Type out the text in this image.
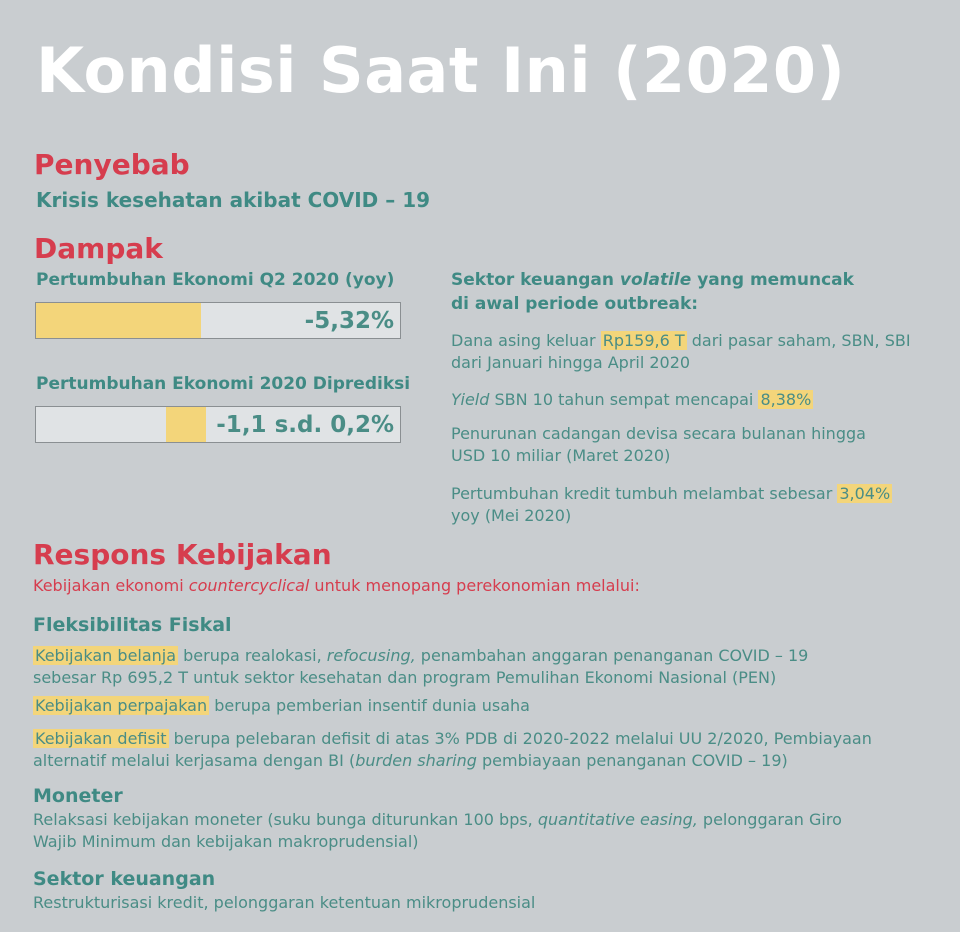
Kondisi Saat Ini (2020)
Penyebab
Krisis kesehatan akibat COVID – 19
Dampak
Pertumbuhan Ekonomi Q2 2020 (yoy)
-5,32%
Pertumbuhan Ekonomi 2020 Diprediksi
-1,1 s.d. 0,2%
Sektor keuangan volatile yang memuncak
di awal periode outbreak:
Dana asing keluar Rp159,6 T dari pasar saham, SBN, SBI
dari Januari hingga April 2020
Yield SBN 10 tahun sempat mencapai 8,38%
Penurunan cadangan devisa secara bulanan hingga
USD 10 miliar (Maret 2020)
Pertumbuhan kredit tumbuh melambat sebesar 3,04%
yoy (Mei 2020)
Respons Kebijakan
Kebijakan ekonomi countercyclical untuk menopang perekonomian melalui:
Fleksibilitas Fiskal
Kebijakan belanja berupa realokasi, refocusing, penambahan anggaran penanganan COVID – 19
sebesar Rp 695,2 T untuk sektor kesehatan dan program Pemulihan Ekonomi Nasional (PEN)
Kebijakan perpajakan berupa pemberian insentif dunia usaha
Kebijakan defisit berupa pelebaran defisit di atas 3% PDB di 2020-2022 melalui UU 2/2020, Pembiayaan
alternatif melalui kerjasama dengan BI (burden sharing pembiayaan penanganan COVID – 19)
Moneter
Relaksasi kebijakan moneter (suku bunga diturunkan 100 bps, quantitative easing, pelonggaran Giro
Wajib Minimum dan kebijakan makroprudensial)
Sektor keuangan
Restrukturisasi kredit, pelonggaran ketentuan mikroprudensial
